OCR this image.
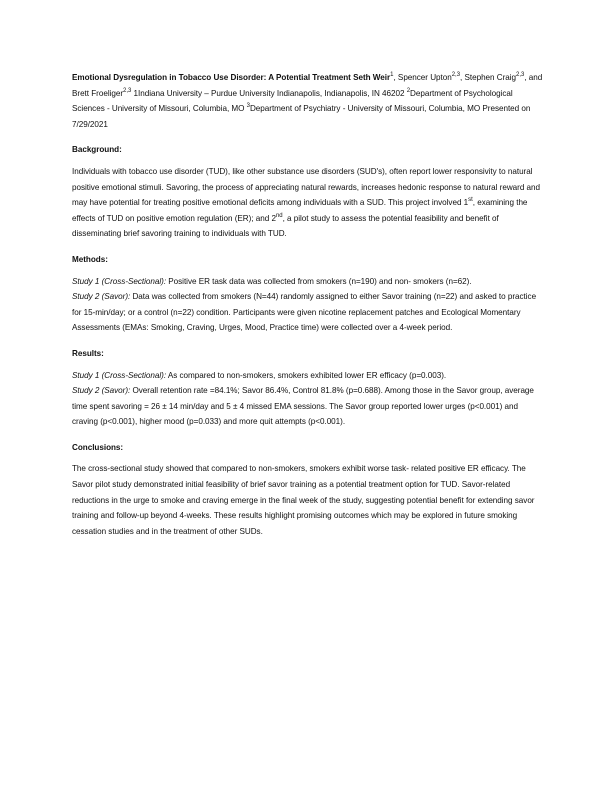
Emotional Dysregulation in Tobacco Use Disorder: A Potential Treatment Seth Weir$^1$, Spencer Upton$^{2,3}$, Stephen Craig$^{2,3}$, and Brett Froeliger$^{2,3}$ 1Indiana University – Purdue University Indianapolis, Indianapolis, IN 46202 $^2$Department of Psychological Sciences - University of Missouri, Columbia, MO $^3$Department of Psychiatry - University of Missouri, Columbia, MO Presented on 7/29/2021

Background:

Individuals with tobacco use disorder (TUD), like other substance use disorders (SUD's), often report lower responsivity to natural positive emotional stimuli. Savoring, the process of appreciating natural rewards, increases hedonic response to natural reward and may have potential for treating positive emotional deficits among individuals with a SUD. This project involved 1st, examining the effects of TUD on positive emotion regulation (ER); and 2nd, a pilot study to assess the potential feasibility and benefit of disseminating brief savoring training to individuals with TUD.

Methods:

Study 1 (Cross-Sectional): Positive ER task data was collected from smokers (n=190) and non- smokers (n=62).

Study 2 (Savor): Data was collected from smokers (N=44) randomly assigned to either Savor training (n=22) and asked to practice for 15-min/day; or a control (n=22) condition. Participants were given nicotine replacement patches and Ecological Momentary Assessments (EMAs: Smoking, Craving, Urges, Mood, Practice time) were collected over a 4-week period.

Results:

Study 1 (Cross-Sectional): As compared to non-smokers, smokers exhibited lower ER efficacy (p=0.003).

Study 2 (Savor): Overall retention rate =84.1%; Savor 86.4%, Control 81.8% (p=0.688). Among those in the Savor group, average time spent savoring = 26 ± 14 min/day and 5 ± 4 missed EMA sessions. The Savor group reported lower urges (p<0.001) and craving (p<0.001), higher mood (p=0.033) and more quit attempts (p<0.001).

Conclusions:

The cross-sectional study showed that compared to non-smokers, smokers exhibit worse task- related positive ER efficacy. The Savor pilot study demonstrated initial feasibility of brief savor training as a potential treatment option for TUD. Savor-related reductions in the urge to smoke and craving emerge in the final week of the study, suggesting potential benefit for extending savor training and follow-up beyond 4-weeks. These results highlight promising outcomes which may be explored in future smoking cessation studies and in the treatment of other SUDs.
